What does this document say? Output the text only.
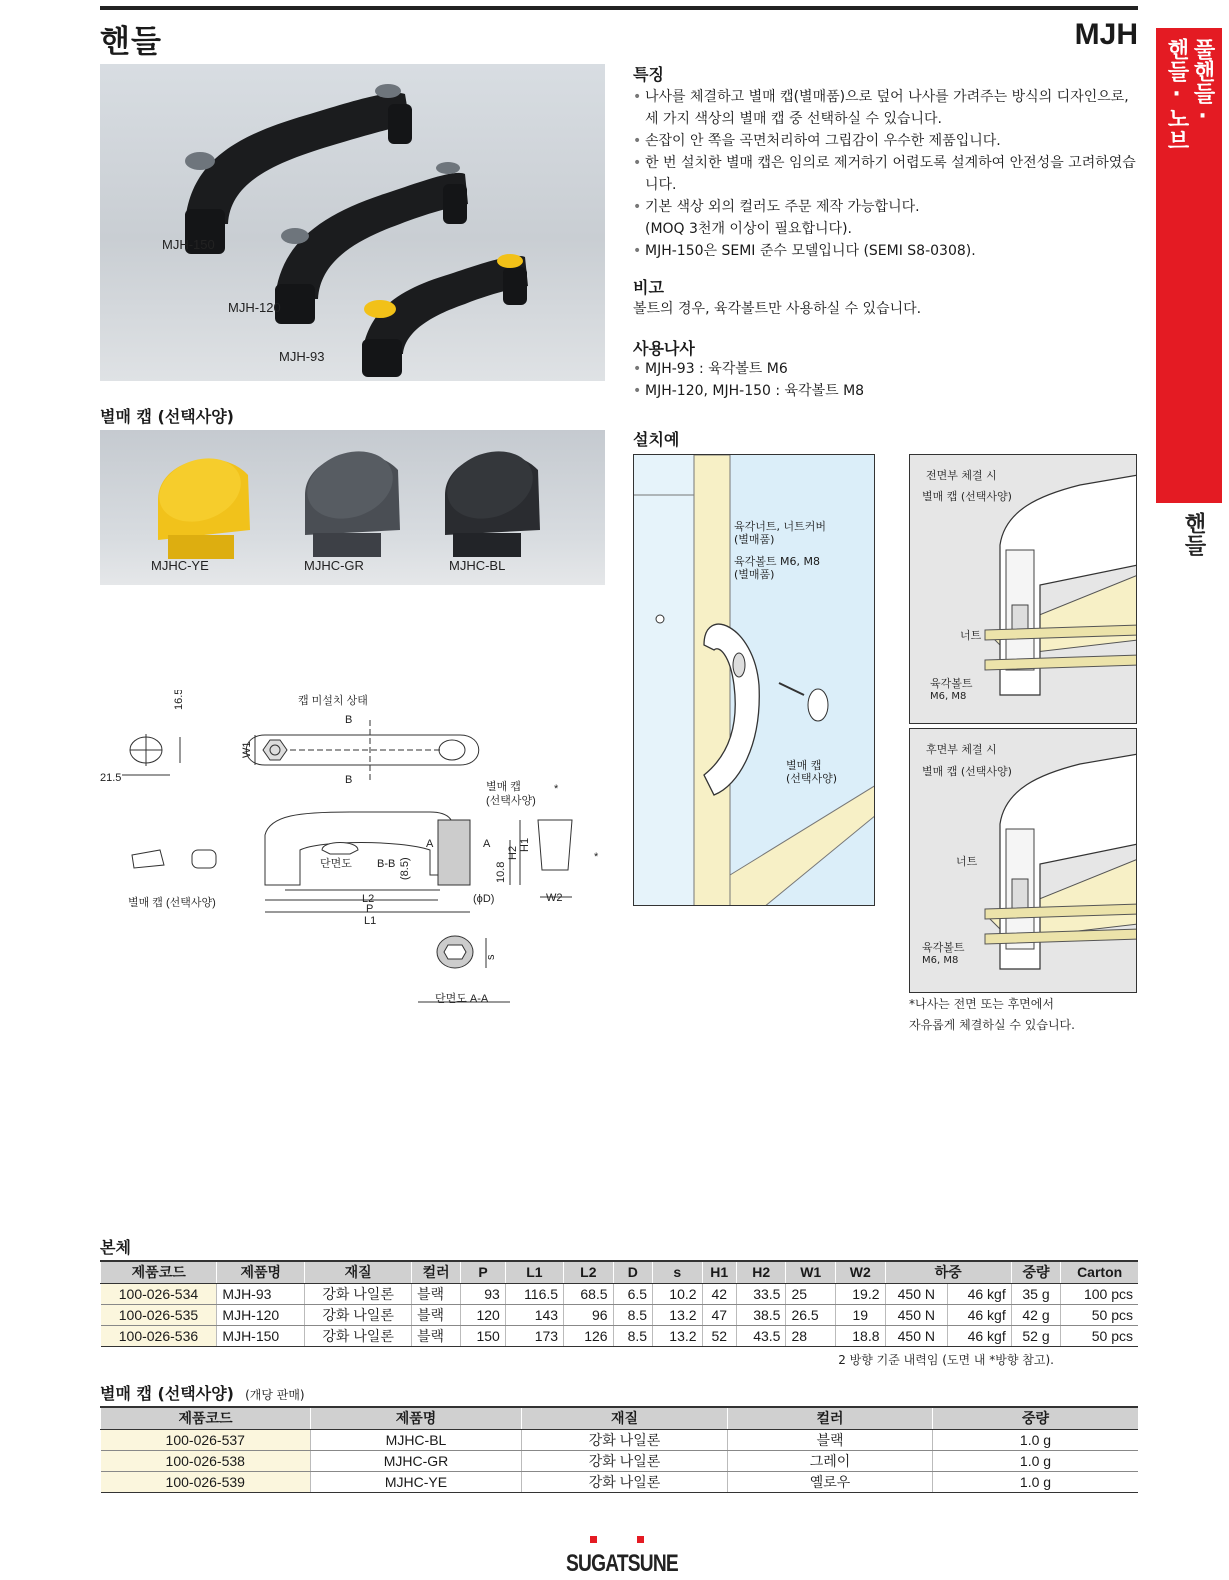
핸들	MJH
풀핸들·
핸들·노브
핸들
MJH-150
MJH-120
MJH-93
별매 캡 (선택사양)
MJHC-YE	MJHC-GR	MJHC-BL
특징
• 나사를 체결하고 별매 캡(별매품)으로 덮어 나사를 가려주는 방식의 디자인으로, 세 가지 색상의 별매 캡 중 선택하실 수 있습니다.
• 손잡이 안 쪽을 곡면처리하여 그립감이 우수한 제품입니다.
• 한 번 설치한 별매 캡은 임의로 제거하기 어렵도록 설계하여 안전성을 고려하였습니다.
• 기본 색상 외의 컬러도 주문 제작 가능합니다.
(MOQ 3천개 이상이 필요합니다).
• MJH-150은 SEMI 준수 모델입니다 (SEMI S8-0308).
비고
볼트의 경우, 육각볼트만 사용하실 수 있습니다.
사용나사
• MJH-93 : 육각볼트 M6
• MJH-120, MJH-150 : 육각볼트 M8
설치예
육각너트, 너트커버
(별매품)
육각볼트 M6, M8
(별매품)
별매 캡
(선택사양)
전면부 체결 시
별매 캡 (선택사양)
너트
육각볼트
M6, M8
후면부 체결 시
별매 캡 (선택사양)
너트
육각볼트
M6, M8
*나사는 전면 또는 후면에서
자유롭게 체결하실 수 있습니다.
16.5
21.5
캡 미설치 상태
B
B
W1
별매 캡
(선택사양)
단면도 B-B (8.5)
A	A
10.8
H2
H1
L2
P
L1
(ϕD)	W2
*
*
별매 캡 (선택사양)
s
단면도 A-A
본체
제품코드	제품명	재질	컬러	P	L1	L2	D	s	H1	H2	W1	W2	하중		중량	Carton
100-026-534	MJH-93	강화 나일론	블랙	93	116.5	68.5	6.5	10.2	42	33.5	25	19.2	450 N	46 kgf	35 g	100 pcs
100-026-535	MJH-120	강화 나일론	블랙	120	143	96	8.5	13.2	47	38.5	26.5	19	450 N	46 kgf	42 g	50 pcs
100-026-536	MJH-150	강화 나일론	블랙	150	173	126	8.5	13.2	52	43.5	28	18.8	450 N	46 kgf	52 g	50 pcs
2 방향 기준 내력임 (도면 내 *방향 참고).
별매 캡 (선택사양) (개당 판매)
제품코드	제품명	재질	컬러	중량
100-026-537	MJHC-BL	강화 나일론	블랙	1.0 g
100-026-538	MJHC-GR	강화 나일론	그레이	1.0 g
100-026-539	MJHC-YE	강화 나일론	옐로우	1.0 g
SUGATSUNE
